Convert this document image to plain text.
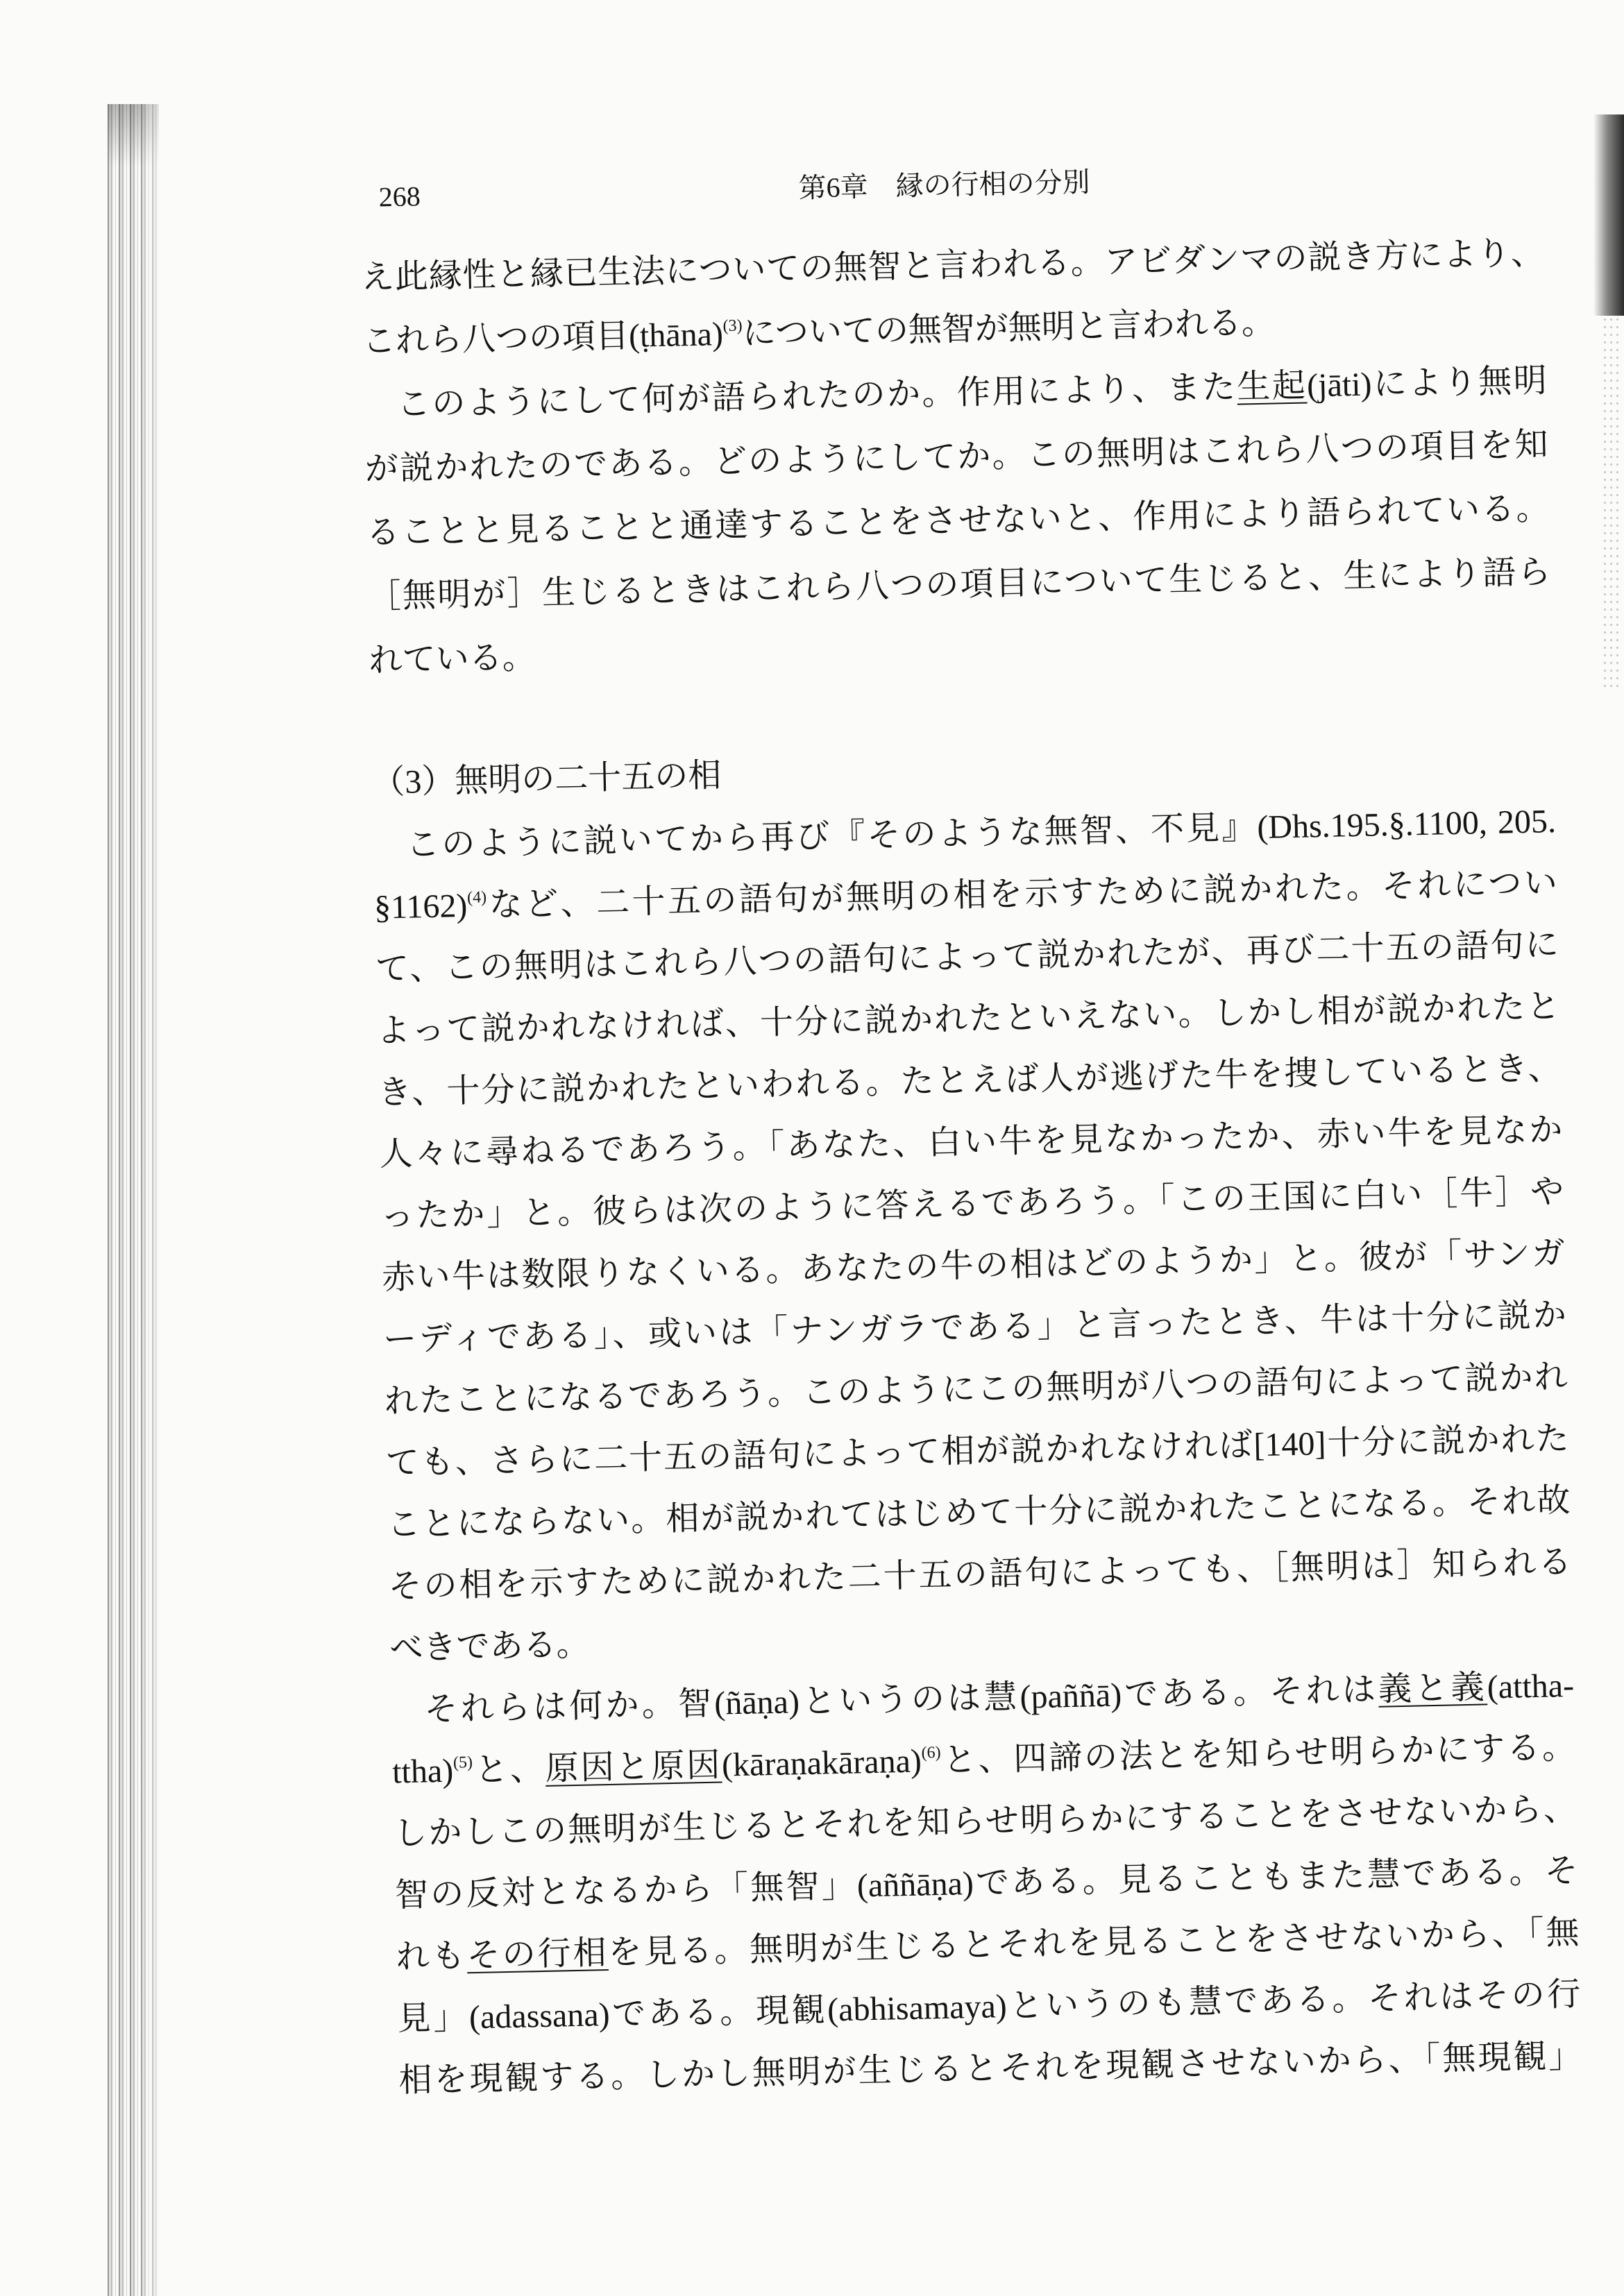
268	第6章　縁の行相の分別
え此縁性と縁已生法についての無智と言われる。アビダンマの説き方により、
これら八つの項目(ṭhāna)$^{(3)}$についての無智が無明と言われる。
このようにして何が語られたのか。作用により、また生起(jāti)により無明
が説かれたのである。どのようにしてか。この無明はこれら八つの項目を知
ることと見ることと通達することをさせないと、作用により語られている。
［無明が］生じるときはこれら八つの項目について生じると、生により語ら
れている。
（3）無明の二十五の相
このように説いてから再び『そのような無智、不見』(Dhs.195.§.1100, 205.
§1162)$^{(4)}$など、二十五の語句が無明の相を示すために説かれた。それについ
て、この無明はこれら八つの語句によって説かれたが、再び二十五の語句に
よって説かれなければ、十分に説かれたといえない。しかし相が説かれたと
き、十分に説かれたといわれる。たとえば人が逃げた牛を捜しているとき、
人々に尋ねるであろう。「あなた、白い牛を見なかったか、赤い牛を見なか
ったか」と。彼らは次のように答えるであろう。「この王国に白い［牛］や
赤い牛は数限りなくいる。あなたの牛の相はどのようか」と。彼が「サンガ
ーディである」、或いは「ナンガラである」と言ったとき、牛は十分に説か
れたことになるであろう。このようにこの無明が八つの語句によって説かれ
ても、さらに二十五の語句によって相が説かれなければ[140]十分に説かれた
ことにならない。相が説かれてはじめて十分に説かれたことになる。それ故
その相を示すために説かれた二十五の語句によっても、［無明は］知られる
べきである。
それらは何か。智(ñāṇa)というのは慧(paññā)である。それは義と義(attha-
ttha)$^{(5)}$と、原因と原因(kāraṇakāraṇa)$^{(6)}$と、四諦の法とを知らせ明らかにする。
しかしこの無明が生じるとそれを知らせ明らかにすることをさせないから、
智の反対となるから「無智」(aññāṇa)である。見ることもまた慧である。そ
れもその行相を見る。無明が生じるとそれを見ることをさせないから、「無
見」(adassana)である。現観(abhisamaya)というのも慧である。それはその行
相を現観する。しかし無明が生じるとそれを現観させないから、「無現観」
